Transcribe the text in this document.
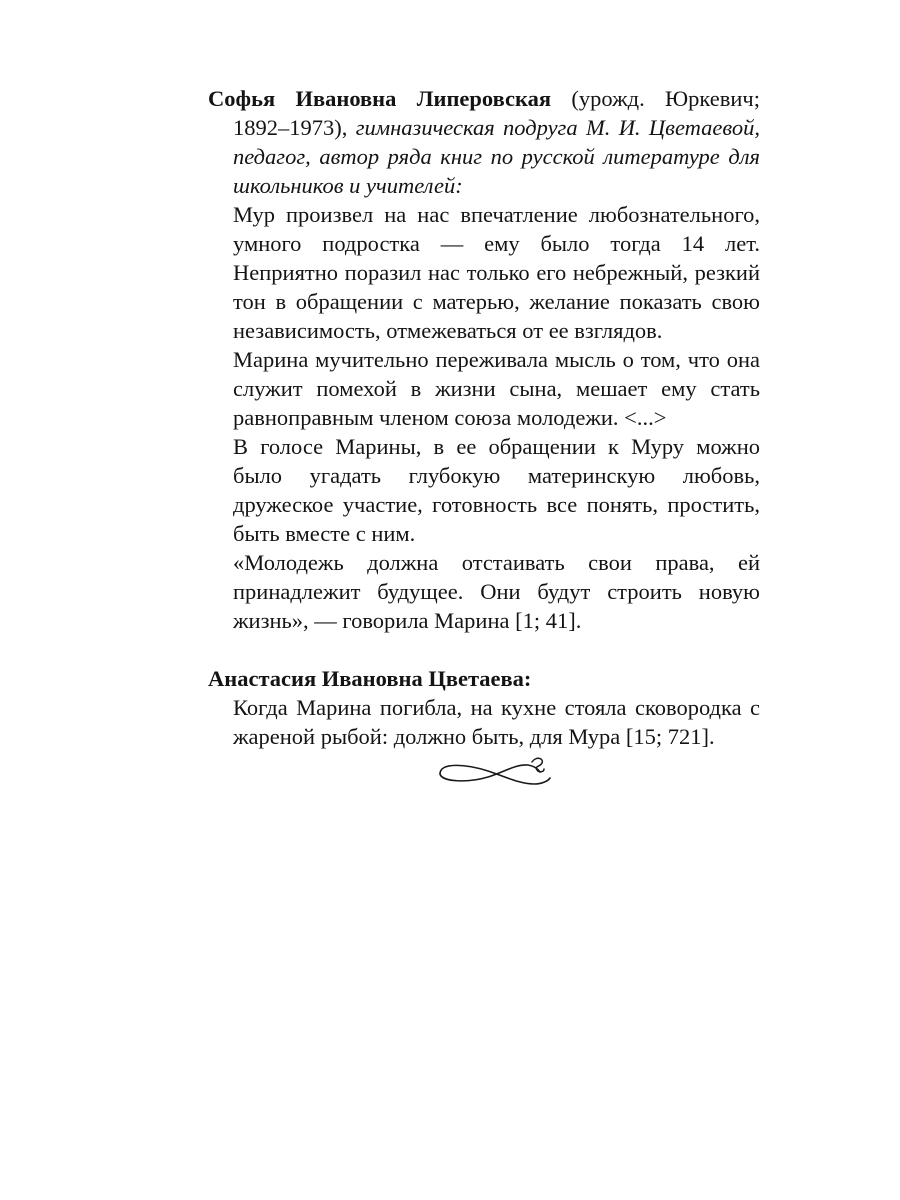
Софья Ивановна Липеровская (урожд. Юркевич; 1892–1973), гимназическая подруга М. И. Цветаевой, педагог, автор ряда книг по русской литературе для школьников и учителей:

Мур произвел на нас впечатление любознательного, умного подростка — ему было тогда 14 лет. Неприятно поразил нас только его небрежный, резкий тон в обращении с матерью, желание показать свою независимость, отмежеваться от ее взглядов.

Марина мучительно переживала мысль о том, что она служит помехой в жизни сына, мешает ему стать равноправным членом союза молодежи. <...>

В голосе Марины, в ее обращении к Муру можно было угадать глубокую материнскую любовь, дружеское участие, готовность все понять, простить, быть вместе с ним.

«Молодежь должна отстаивать свои права, ей принадлежит будущее. Они будут строить новую жизнь», — говорила Марина [1; 41].

Анастасия Ивановна Цветаева:

Когда Марина погибла, на кухне стояла сковородка с жареной рыбой: должно быть, для Мура [15; 721].
